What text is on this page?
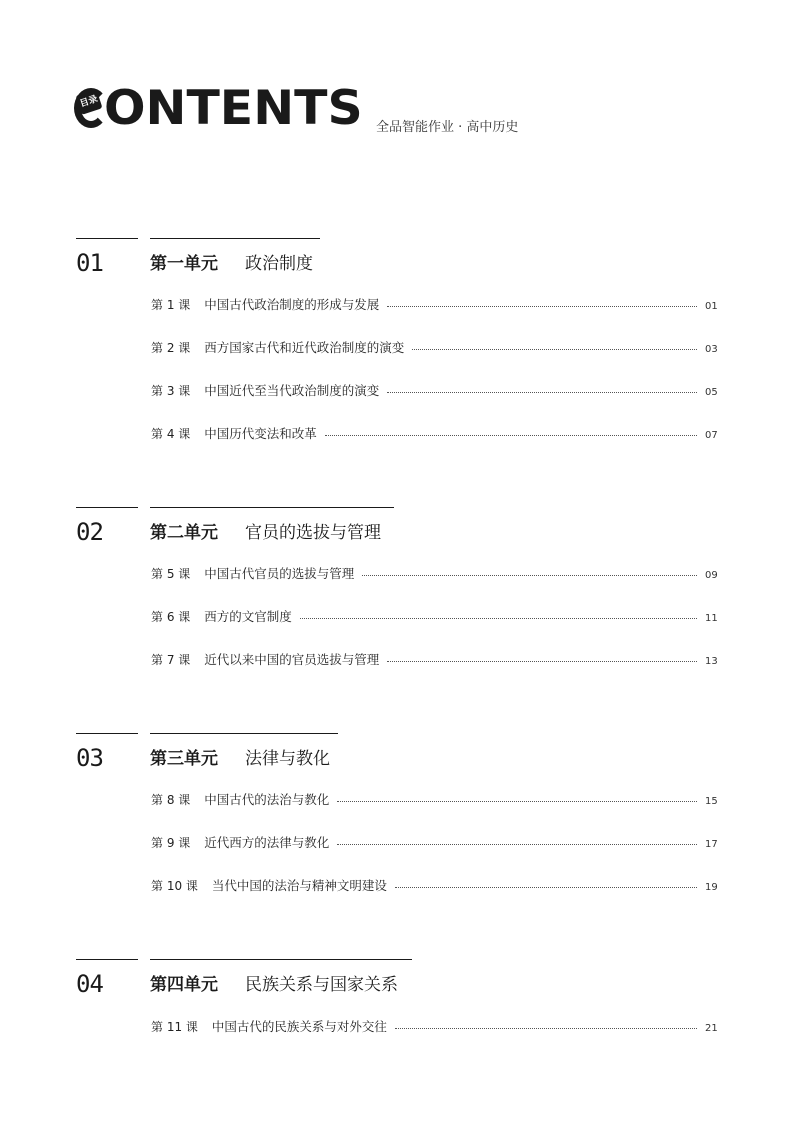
目录 ONTENTS 全品智能作业 · 高中历史
01	第一单元 政治制度
第 1 课 中国古代政治制度的形成与发展	01
第 2 课 西方国家古代和近代政治制度的演变	03
第 3 课 中国近代至当代政治制度的演变	05
第 4 课 中国历代变法和改革	07
02	第二单元 官员的选拔与管理
第 5 课 中国古代官员的选拔与管理	09
第 6 课 西方的文官制度	11
第 7 课 近代以来中国的官员选拔与管理	13
03	第三单元 法律与教化
第 8 课 中国古代的法治与教化	15
第 9 课 近代西方的法律与教化	17
第 10 课 当代中国的法治与精神文明建设	19
04	第四单元 民族关系与国家关系
第 11 课 中国古代的民族关系与对外交往	21
